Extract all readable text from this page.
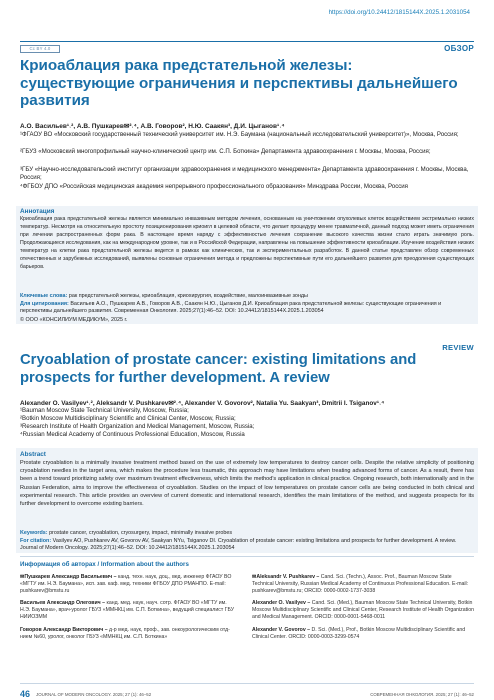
https://doi.org/10.24412/1815144X.2025.1.2031054
Cc BY 4.0	ОБЗОР
Криоаблация рака предстательной железы: существующие ограничения и перспективы дальнейшего развития
А.О. Васильев¹˒², А.В. Пушкарев✉²˒⁴, А.В. Говоров², Н.Ю. Саакян³, Д.И. Цыганов¹˒⁴
¹ФГАОУ ВО «Московский государственный технический университет им. Н.Э. Баумана (национальный исследовательский университет)», Москва, Россия;
²ГБУЗ «Московский многопрофильный научно-клинический центр им. С.П. Боткина» Департамента здравоохранения г. Москвы, Москва, Россия;
³ГБУ «Научно-исследовательский институт организации здравоохранения и медицинского менеджмента» Департамента здравоохранения г. Москвы, Москва, Россия;
⁴ФГБОУ ДПО «Российская медицинская академия непрерывного профессионального образования» Минздрава России, Москва, Россия
Аннотация
Криоаблация рака предстательной железы является минимально инвазивным методом лечения, основанным на уничтожении опухолевых клеток воздействием экстремально низких температур. Несмотря на относительную простоту позиционирования криоигл в целевой области, что делает процедуру менее травматичной, данный подход может иметь ограничения при лечении распространенных форм рака. В настоящее время наряду с эффективностью лечения сохранение высокого качества жизни стало играть значимую роль. Продолжающиеся исследования, как на международном уровне, так и в Российской Федерации, направлены на повышение эффективности криоаблации. Изучение воздействия низких температур на клетки рака предстательной железы ведется в рамках как клинических, так и экспериментальных разработок. В данной статье представлен обзор современных отечественных и зарубежных исследований, выявлены основные ограничения метода и предложены перспективные пути его дальнейшего развития для преодоления существующих барьеров.
Ключевые слова: рак предстательной железы, криоаблация, криохирургия, воздействие, малоинвазивные зонды
Для цитирования: Васильев А.О., Пушкарев А.В., Говоров А.В., Саакян Н.Ю., Цыганов Д.И. Криоаблация рака предстательной железы: существующие ограничения и перспективы дальнейшего развития. Современная Онкология. 2025;27(1):46–52. DOI: 10.24412/1815144X.2025.1.203054
© ООО «КОНСИЛИУМ МЕДИКУМ», 2025 г.
REVIEW
Cryoablation of prostate cancer: existing limitations and prospects for further development. A review
Alexander O. Vasilyev¹˒², Aleksandr V. Pushkarev✉²˒⁴, Alexander V. Govorov², Natalia Yu. Saakyan³, Dmitrii I. Tsiganov¹˒⁴
¹Bauman Moscow State Technical University, Moscow, Russia;
²Botkin Moscow Multidisciplinary Scientific and Clinical Center, Moscow, Russia;
³Research Institute of Health Organization and Medical Management, Moscow, Russia;
⁴Russian Medical Academy of Continuous Professional Education, Moscow, Russia
Abstract
Prostate cryoablation is a minimally invasive treatment method based on the use of extremely low temperatures to destroy cancer cells. Despite the relative simplicity of positioning cryoablation needles in the target area, which makes the procedure less traumatic, this approach may have limitations when treating advanced forms of cancer. As a result, there has been a trend toward prioritizing safety over maximum treatment effectiveness, which limits the method's application in clinical practice. Ongoing research, both internationally and in the Russian Federation, aims to improve the effectiveness of cryoablation. Studies on the impact of low temperatures on prostate cancer cells are being conducted in both clinical and experimental research. This article provides an overview of current domestic and international research, identifies the main limitations of the method, and suggests prospects for its further development to overcome existing barriers.
Keywords: prostate cancer, cryoablation, cryosurgery, impact, minimally invasive probes
For citation: Vasilyev AO, Pushkarev AV, Govorov AV, Saakyan NYu, Tsiganov DI. Cryoablation of prostate cancer: existing limitations and prospects for further development. A review. Journal of Modern Oncology. 2025;27(1):46–52. DOI: 10.24412/1815144X.2025.1.203054
Информация об авторах / Information about the authors
✉Пушкарев Александр Васильевич – канд. техн. наук, доц., вед. инженер ФГАОУ ВО «МГТУ им. Н.Э. Баумана», исп. зав. каф. мед. техники ФГБОУ ДПО РМАНПО. E-mail: pushkarev@bmstu.ru
Васильев Александр Олегович – канд. мед. наук, науч. сотр. ФГАОУ ВО «МГТУ им. Н.Э. Баумана», врач-уролог ГБУЗ «ММНКЦ им. С.П. Боткина», ведущий специалист ГБУ НИИОЗММ
Говоров Александр Викторович – д-р мед. наук, проф., зав. онкоурологическим отд-нием №60, уролог, онколог ГБУЗ «ММНКЦ им. С.П. Боткина»
✉Aleksandr V. Pushkarev – Cand. Sci. (Techn.), Assoc. Prof., Bauman Moscow State Technical University, Russian Medical Academy of Continuous Professional Education. E-mail: pushkarev@bmstu.ru; ORCID: 0000-0002-1737-3038
Alexander O. Vasilyev – Cand. Sci. (Med.), Bauman Moscow State Technical University, Botkin Moscow Multidisciplinary Scientific and Clinical Center, Research Institute of Health Organization and Medical Management. ORCID: 0000-0001-5468-0011
Alexander V. Govorov – D. Sci. (Med.), Prof., Botkin Moscow Multidisciplinary Scientific and Clinical Center. ORCID: 0000-0003-3299-0574
46 JOURNAL OF MODERN ONCOLOGY. 2025; 27 (1): 46–52	СОВРЕМЕННАЯ ОНКОЛОГИЯ. 2025; 27 (1): 46–52
